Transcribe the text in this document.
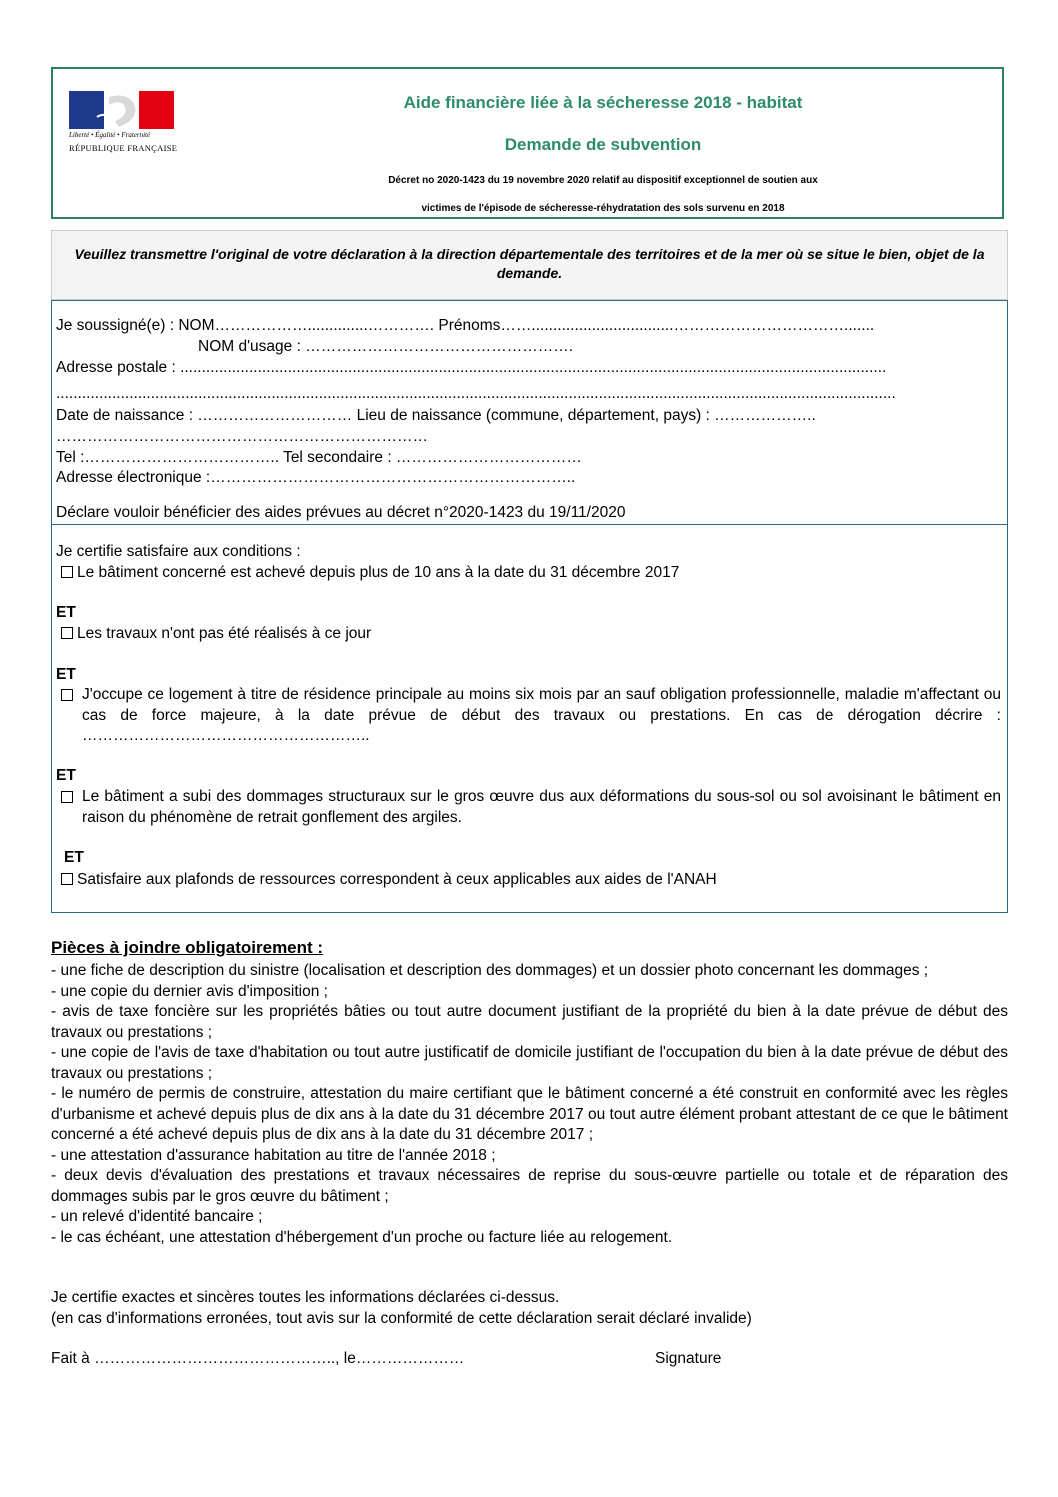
Liberté • Égalité • Fraternité
RÉPUBLIQUE FRANÇAISE
Aide financière liée à la sécheresse 2018 - habitat
Demande de subvention
Décret no 2020-1423 du 19 novembre 2020 relatif au dispositif exceptionnel de soutien aux
victimes de l'épisode de sécheresse-réhydratation des sols survenu en 2018

Veuillez transmettre l'original de votre déclaration à la direction départementale des territoires et de la mer où se situe le bien, objet de la demande.

Je soussigné(e) : NOM………………..............…………. Prénoms…….................................…………………………….......
NOM d'usage : …………………………………………….
Adresse postale : ....................................................................................................................................................................
...................................................................................................................................................................................................
Date de naissance : ………………………… Lieu de naissance (commune, département, pays) : ………………..
………………………………………………………………
Tel :……………………………….. Tel secondaire : ………………………………
Adresse électronique :……………………………………………………………..
Déclare vouloir bénéficier des aides prévues au décret n°2020-1423 du 19/11/2020
Je certifie satisfaire aux conditions :
Le bâtiment concerné est achevé depuis plus de 10 ans à la date du 31 décembre 2017
ET
Les travaux n'ont pas été réalisés à ce jour
ET
J'occupe ce logement à titre de résidence principale au moins six mois par an sauf obligation professionnelle, maladie m'affectant ou cas de force majeure, à la date prévue de début des travaux ou prestations. En cas de dérogation décrire : ………………………………………………..
ET
Le bâtiment a subi des dommages structuraux sur le gros œuvre dus aux déformations du sous-sol ou sol avoisinant le bâtiment en raison du phénomène de retrait gonflement des argiles.
ET
Satisfaire aux plafonds de ressources correspondent à ceux applicables aux aides de l'ANAH
Pièces à joindre obligatoirement :

- une fiche de description du sinistre (localisation et description des dommages) et un dossier photo concernant les dommages ;

- une copie du dernier avis d'imposition ;

- avis de taxe foncière sur les propriétés bâties ou tout autre document justifiant de la propriété du bien à la date prévue de début des travaux ou prestations ;

- une copie de l'avis de taxe d'habitation ou tout autre justificatif de domicile justifiant de l'occupation du bien à la date prévue de début des travaux ou prestations ;

- le numéro de permis de construire, attestation du maire certifiant que le bâtiment concerné a été construit en conformité avec les règles d'urbanisme et achevé depuis plus de dix ans à la date du 31 décembre 2017 ou tout autre élément probant attestant de ce que le bâtiment concerné a été achevé depuis plus de dix ans à la date du 31 décembre 2017 ;

- une attestation d'assurance habitation au titre de l'année 2018 ;

- deux devis d'évaluation des prestations et travaux nécessaires de reprise du sous-œuvre partielle ou totale et de réparation des dommages subis par le gros œuvre du bâtiment ;

- un relevé d'identité bancaire ;

- le cas échéant, une attestation d'hébergement d'un proche ou facture liée au relogement.

Je certifie exactes et sincères toutes les informations déclarées ci-dessus.
(en cas d'informations erronées, tout avis sur la conformité de cette déclaration serait déclaré invalide)
Fait à ……………………………………….., le…………………	Signature
